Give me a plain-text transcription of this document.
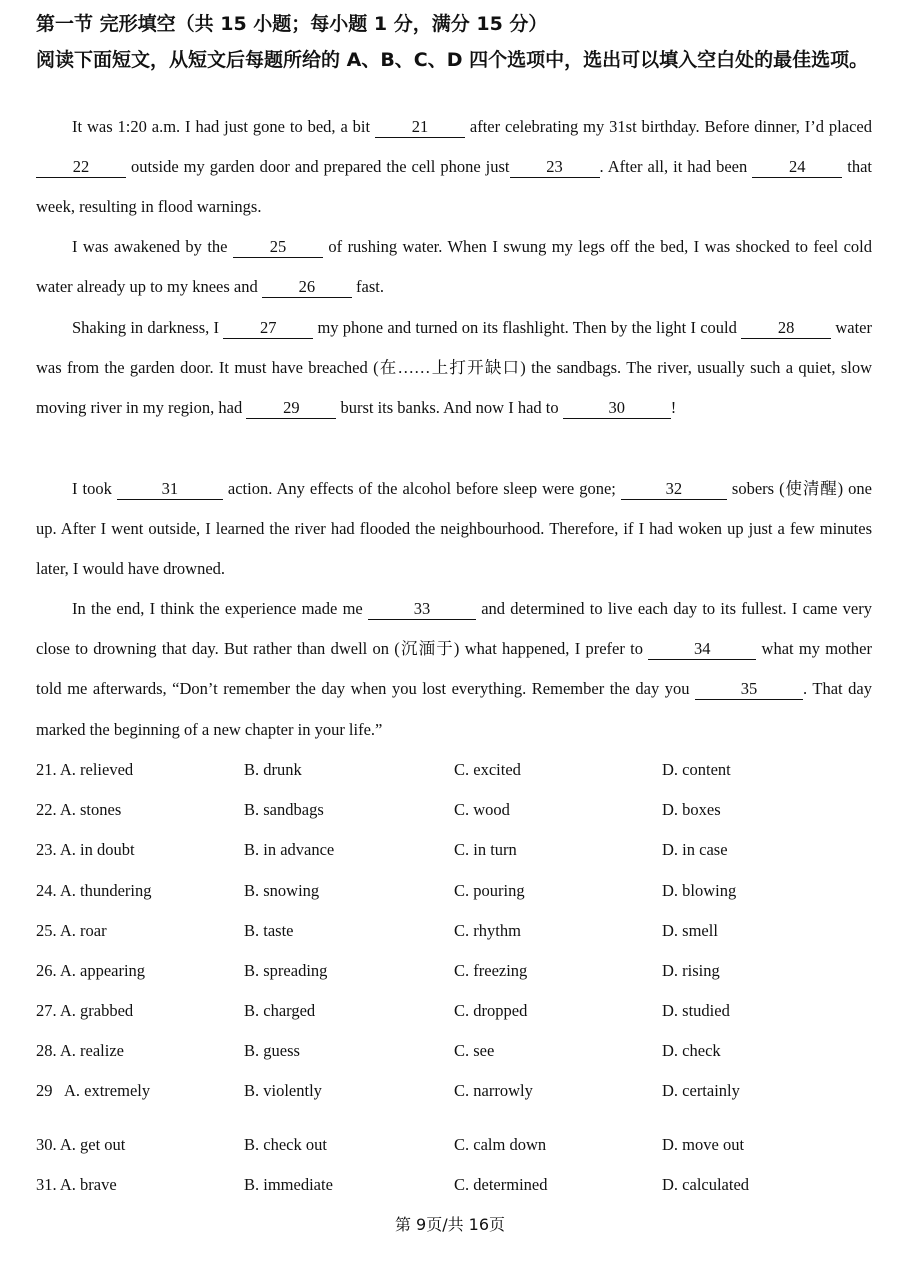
第一节 完形填空（共 15 小题；每小题 1 分，满分 15 分）
阅读下面短文，从短文后每题所给的 A、B、C、D 四个选项中，选出可以填入空白处的最佳选项。
It was 1:20 a.m. I had just gone to bed, a bit 21 after celebrating my 31st birthday. Before dinner, I’d placed 22 outside my garden door and prepared the cell phone just 23 . After all, it had been 24 that week, resulting in flood warnings.
I was awakened by the 25 of rushing water. When I swung my legs off the bed, I was shocked to feel cold water already up to my knees and 26 fast.
Shaking in darkness, I 27 my phone and turned on its flashlight. Then by the light I could 28 water was from the garden door. It must have breached (在……上打开缺口) the sandbags. The river, usually such a quiet, slow moving river in my region, had 29 burst its banks. And now I had to	30	!
I took	31	action. Any effects of the alcohol before sleep were gone;	32	sobers (使清醒) one up. After I went outside, I learned the river had flooded the neighbourhood. Therefore, if I had woken up just a few minutes later, I would have drowned.
In the end, I think the experience made me	33	and determined to live each day to its fullest. I came very close to drowning that day. But rather than dwell on (沉湎于) what happened, I prefer to	34	what my mother told me afterwards, “Don’t remember the day when you lost everything. Remember the day you	35	. That day marked the beginning of a new chapter in your life.”
21. A. relieved	B. drunk	C. excited	D. content
22. A. stones	B. sandbags	C. wood	D. boxes
23. A. in doubt	B. in advance	C. in turn	D. in case
24. A. thundering	B. snowing	C. pouring	D. blowing
25. A. roar	B. taste	C. rhythm	D. smell
26. A. appearing	B. spreading	C. freezing	D. rising
27. A. grabbed	B. charged	C. dropped	D. studied
28. A. realize	B. guess	C. see	D. check
29   A. extremely	B. violently	C. narrowly	D. certainly
30. A. get out	B. check out	C. calm down	D. move out
31. A. brave	B. immediate	C. determined	D. calculated
第 9页/共 16页
